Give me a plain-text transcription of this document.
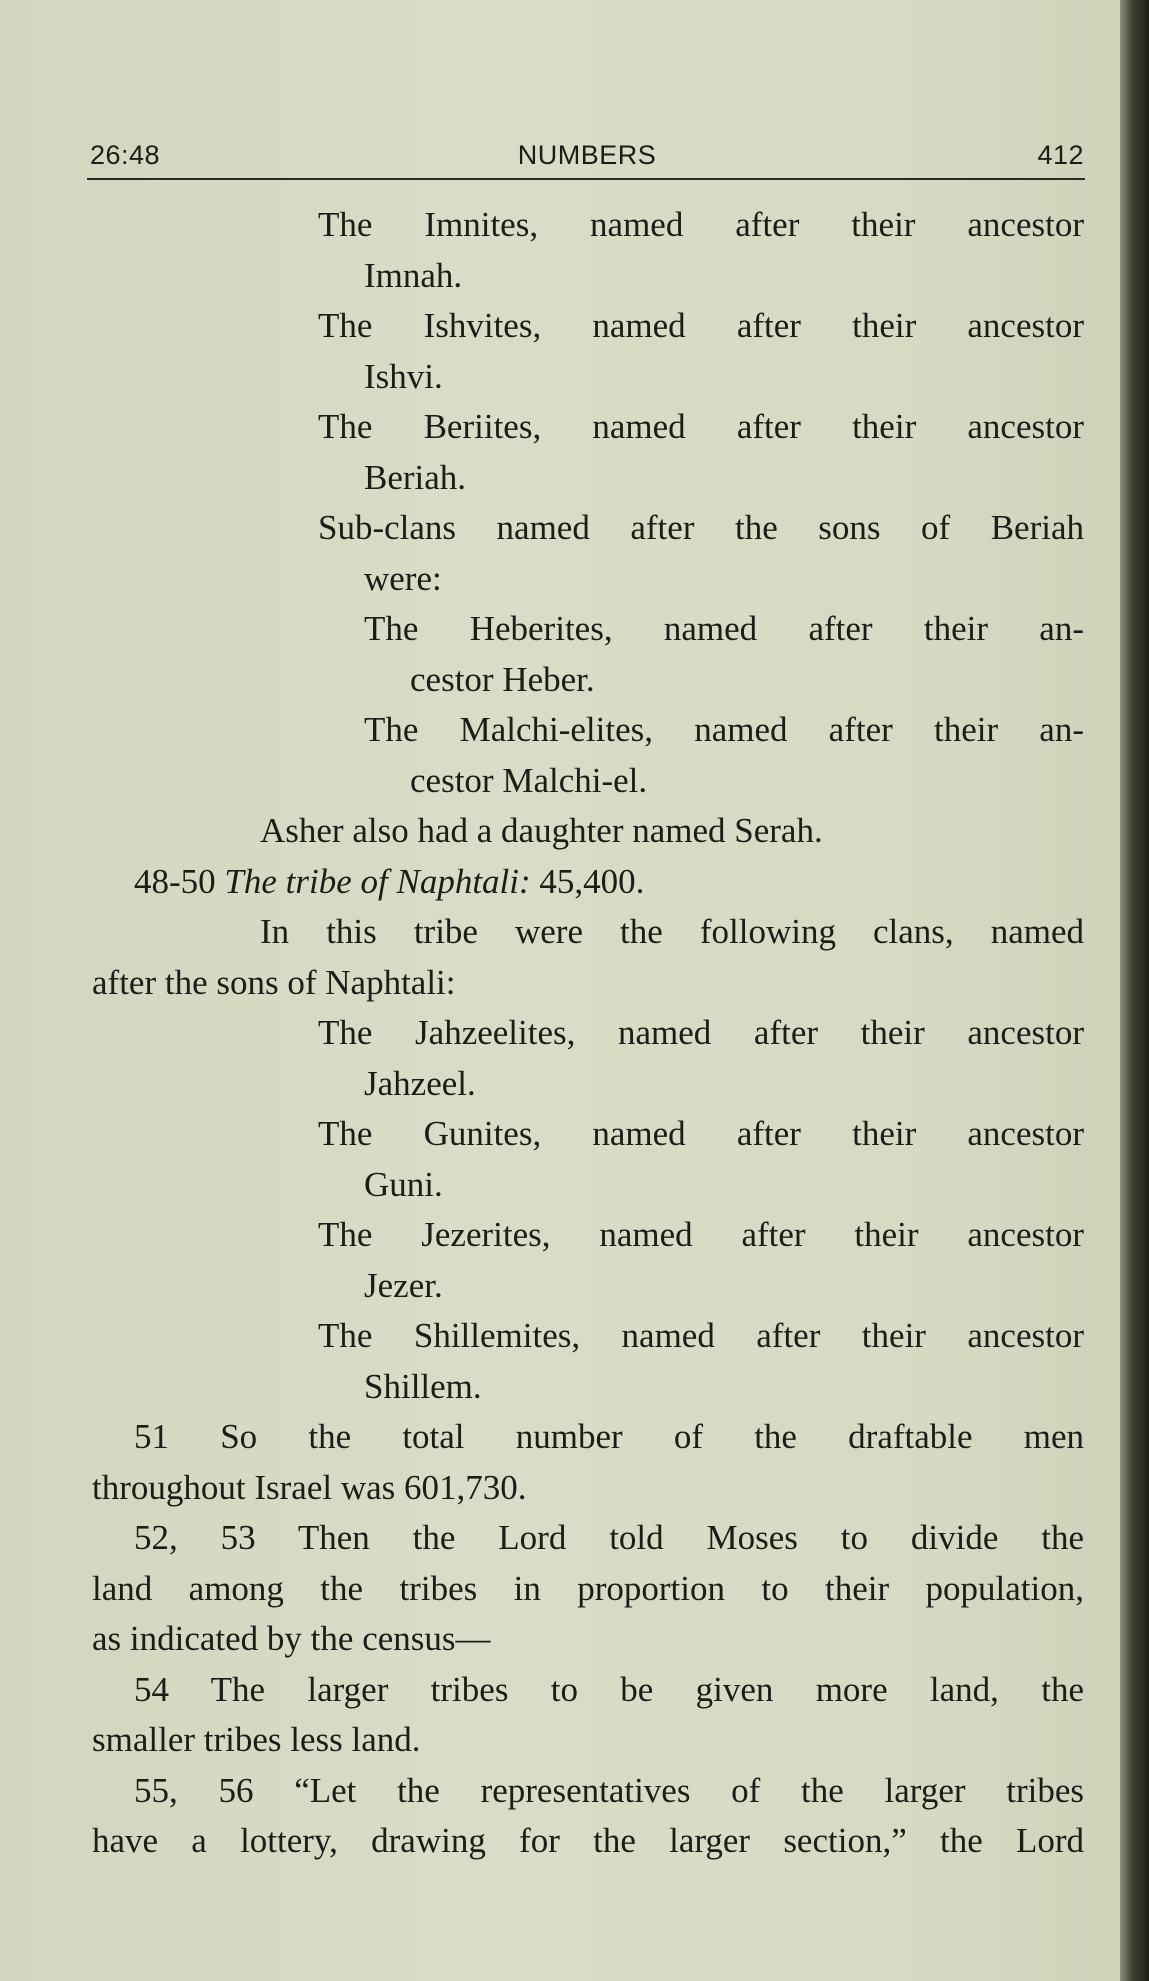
26:48	NUMBERS	412
The Imnites, named after their ancestor
Imnah.
The Ishvites, named after their ancestor
Ishvi.
The Beriites, named after their ancestor
Beriah.
Sub-clans named after the sons of Beriah
were:
The Heberites, named after their an-
cestor Heber.
The Malchi-elites, named after their an-
cestor Malchi-el.
Asher also had a daughter named Serah.
48-50 The tribe of Naphtali: 45,400.
In this tribe were the following clans, named
after the sons of Naphtali:
The Jahzeelites, named after their ancestor
Jahzeel.
The Gunites, named after their ancestor
Guni.
The Jezerites, named after their ancestor
Jezer.
The Shillemites, named after their ancestor
Shillem.
51 So the total number of the draftable men
throughout Israel was 601,730.
52, 53 Then the Lord told Moses to divide the
land among the tribes in proportion to their population,
as indicated by the census—
54 The larger tribes to be given more land, the
smaller tribes less land.
55, 56 “Let the representatives of the larger tribes
have a lottery, drawing for the larger section,” the Lord
